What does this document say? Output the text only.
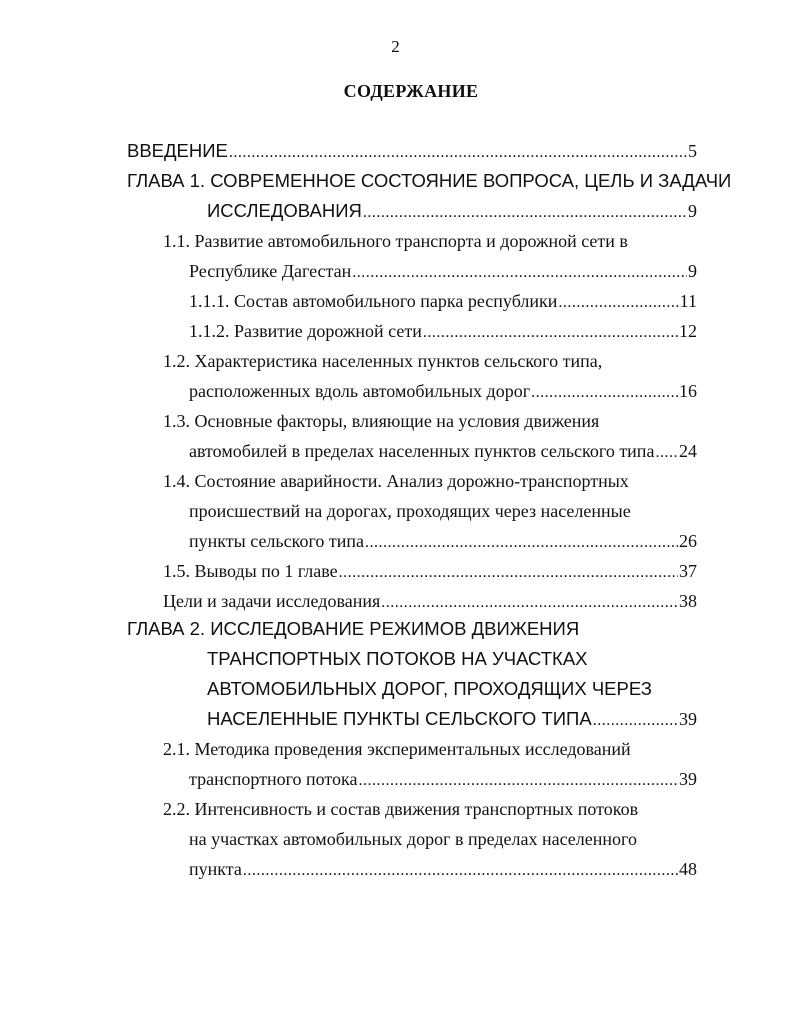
2
СОДЕРЖАНИЕ
ВВЕДЕНИЕ .....	5
ГЛАВА 1. СОВРЕМЕННОЕ СОСТОЯНИЕ ВОПРОСА, ЦЕЛЬ И ЗАДАЧИ
ИССЛЕДОВАНИЯ .....	9
1.1. Развитие автомобильного транспорта и дорожной сети в
Республике Дагестан .....	9
1.1.1. Состав автомобильного парка республики .....	11
1.1.2. Развитие дорожной сети .....	12
1.2. Характеристика населенных пунктов сельского типа,
расположенных вдоль автомобильных дорог .....	16
1.3. Основные факторы, влияющие на условия движения
автомобилей в пределах населенных пунктов сельского типа ..... 24
1.4. Состояние аварийности. Анализ дорожно-транспортных
происшествий на дорогах, проходящих через населенные
пункты сельского типа .....	26
1.5. Выводы по 1 главе .....	37
Цели и задачи исследования .....	38
ГЛАВА 2. ИССЛЕДОВАНИЕ РЕЖИМОВ ДВИЖЕНИЯ
ТРАНСПОРТНЫХ ПОТОКОВ НА УЧАСТКАХ
АВТОМОБИЛЬНЫХ ДОРОГ, ПРОХОДЯЩИХ ЧЕРЕЗ
НАСЕЛЕННЫЕ ПУНКТЫ СЕЛЬСКОГО ТИПА .....	39
2.1. Методика проведения экспериментальных исследований
транспортного потока .....	39
2.2. Интенсивность и состав движения транспортных потоков
на участках автомобильных дорог в пределах населенного
пункта .....	48
